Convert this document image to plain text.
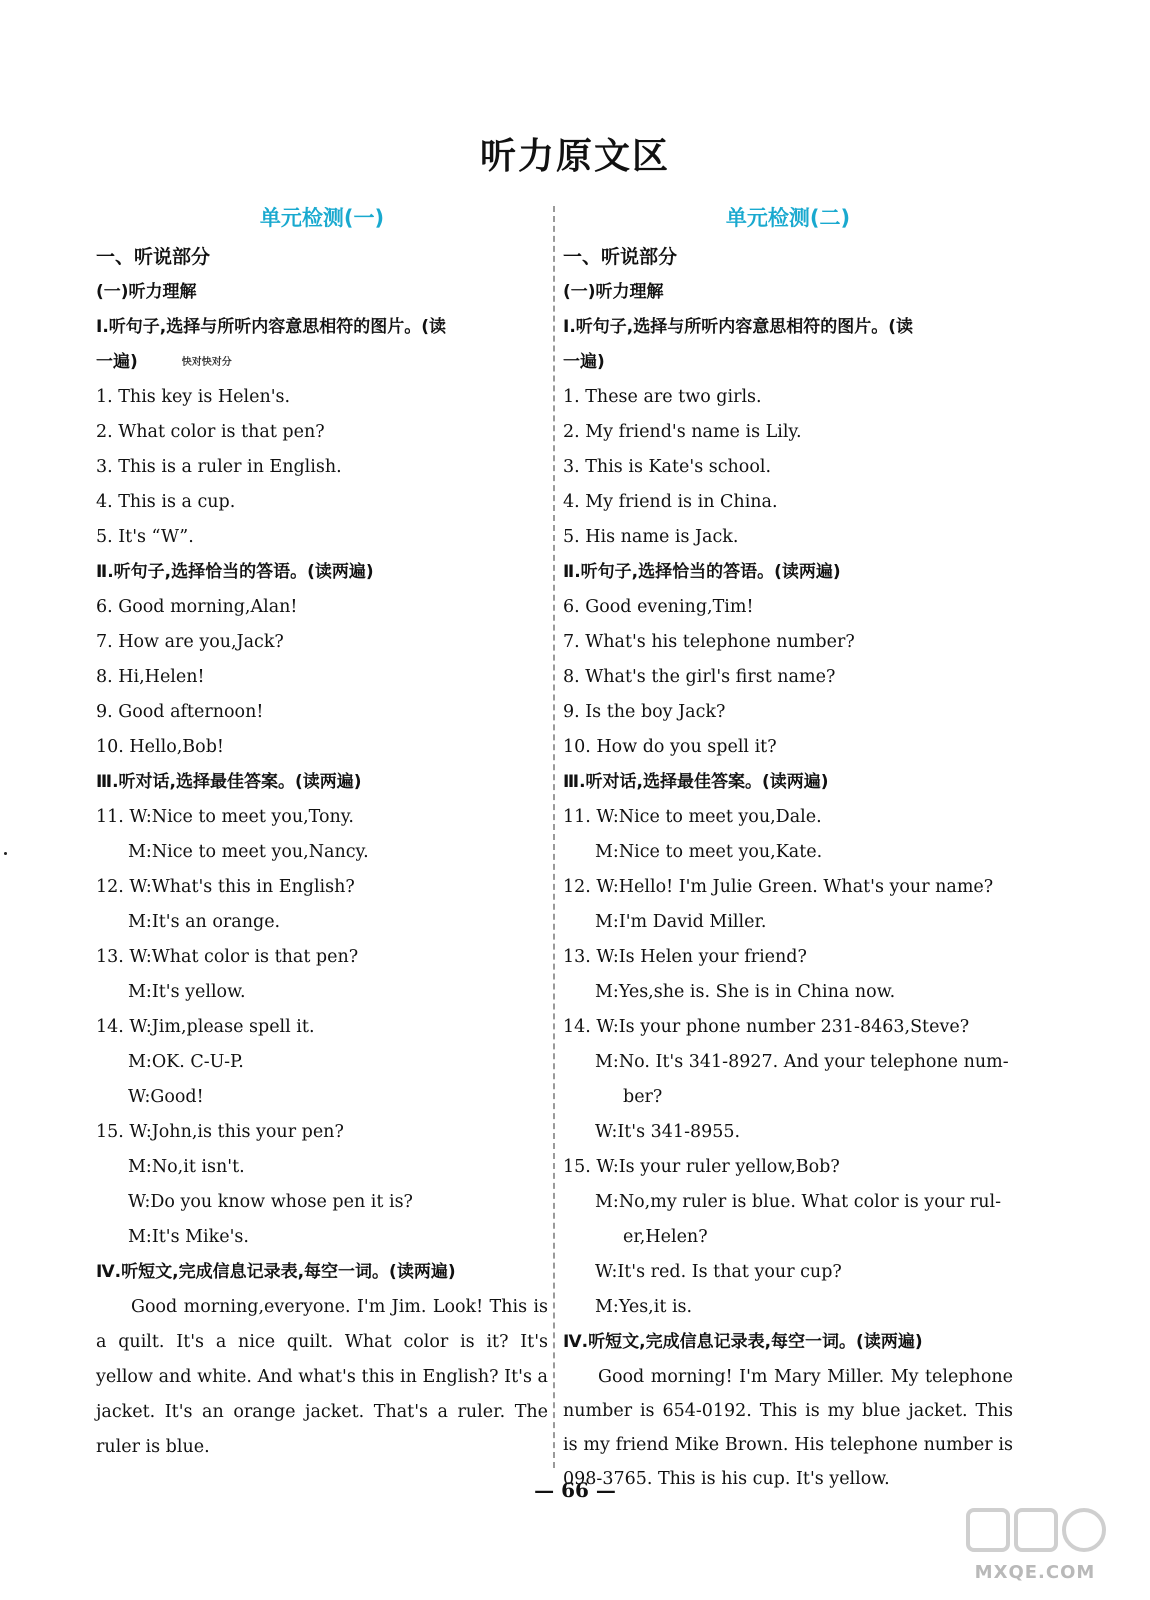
听力原文区
单元检测(一)
一、听说部分
(一)听力理解
Ⅰ.听句子,选择与所听内容意思相符的图片。(读
一遍)	$^{快对快对分}$
1. This key is Helen's.
2. What color is that pen?
3. This is a ruler in English.
4. This is a cup.
5. It's “W”.
Ⅱ.听句子,选择恰当的答语。(读两遍)
6. Good morning,Alan!
7. How are you,Jack?
8. Hi,Helen!
9. Good afternoon!
10. Hello,Bob!
Ⅲ.听对话,选择最佳答案。(读两遍)
11. W:Nice to meet you,Tony.
M:Nice to meet you,Nancy.
12. W:What's this in English?
M:It's an orange.
13. W:What color is that pen?
M:It's yellow.
14. W:Jim,please spell it.
M:OK. C-U-P.
W:Good!
15. W:John,is this your pen?
M:No,it isn't.
W:Do you know whose pen it is?
M:It's Mike's.
Ⅳ.听短文,完成信息记录表,每空一词。(读两遍)
Good morning,everyone. I'm Jim. Look! This is a quilt. It's a nice quilt. What color is it? It's yellow and white. And what's this in English? It's a jacket. It's an orange jacket. That's a ruler. The ruler is blue.
单元检测(二)
一、听说部分
(一)听力理解
Ⅰ.听句子,选择与所听内容意思相符的图片。(读
一遍)
1. These are two girls.
2. My friend's name is Lily.
3. This is Kate's school.
4. My friend is in China.
5. His name is Jack.
Ⅱ.听句子,选择恰当的答语。(读两遍)
6. Good evening,Tim!
7. What's his telephone number?
8. What's the girl's first name?
9. Is the boy Jack?
10. How do you spell it?
Ⅲ.听对话,选择最佳答案。(读两遍)
11. W:Nice to meet you,Dale.
M:Nice to meet you,Kate.
12. W:Hello! I'm Julie Green. What's your name?
M:I'm David Miller.
13. W:Is Helen your friend?
M:Yes,she is. She is in China now.
14. W:Is your phone number 231-8463,Steve?
M:No. It's 341-8927. And your telephone num-
ber?
W:It's 341-8955.
15. W:Is your ruler yellow,Bob?
M:No,my ruler is blue. What color is your rul-
er,Helen?
W:It's red. Is that your cup?
M:Yes,it is.
Ⅳ.听短文,完成信息记录表,每空一词。(读两遍)
Good morning! I'm Mary Miller. My telephone number is 654-0192. This is my blue jacket. This is my friend Mike Brown. His telephone number is 098-3765. This is his cup. It's yellow.
— 66 —
MXQE.COM
